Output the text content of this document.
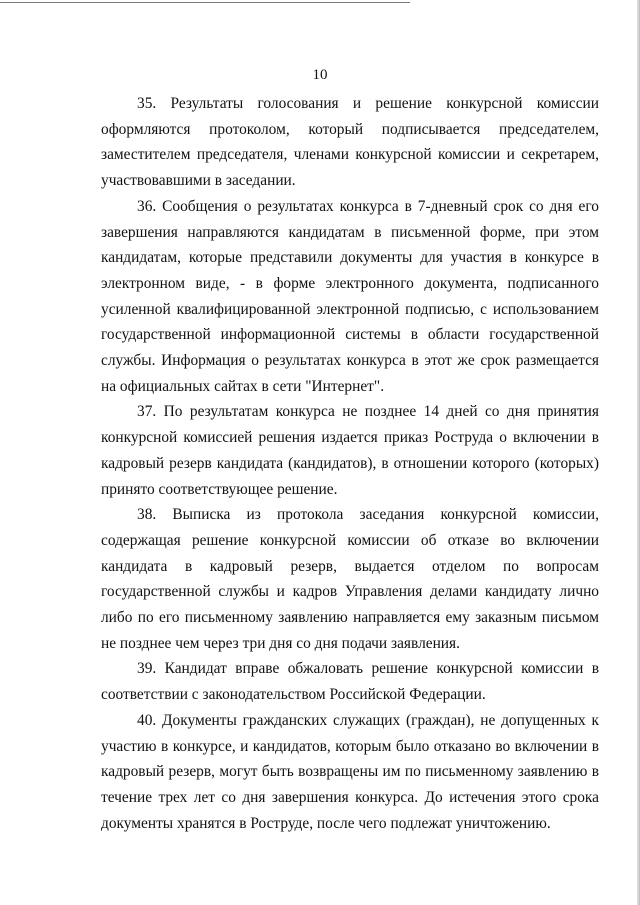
10

35. Результаты голосования и решение конкурсной комиссии оформляются протоколом, который подписывается председателем, заместителем председателя, членами конкурсной комиссии и секретарем, участвовавшими в заседании.

36. Сообщения о результатах конкурса в 7-дневный срок со дня его завершения направляются кандидатам в письменной форме, при этом кандидатам, которые представили документы для участия в конкурсе в электронном виде, - в форме электронного документа, подписанного усиленной квалифицированной электронной подписью, с использованием государственной информационной системы в области государственной службы. Информация о результатах конкурса в этот же срок размещается на официальных сайтах в сети "Интернет".

37. По результатам конкурса не позднее 14 дней со дня принятия конкурсной комиссией решения издается приказ Роструда о включении в кадровый резерв кандидата (кандидатов), в отношении которого (которых) принято соответствующее решение.

38. Выписка из протокола заседания конкурсной комиссии, содержащая решение конкурсной комиссии об отказе во включении кандидата в кадровый резерв, выдается отделом по вопросам государственной службы и кадров Управления делами кандидату лично либо по его письменному заявлению направляется ему заказным письмом не позднее чем через три дня со дня подачи заявления.

39. Кандидат вправе обжаловать решение конкурсной комиссии в соответствии с законодательством Российской Федерации.

40. Документы гражданских служащих (граждан), не допущенных к участию в конкурсе, и кандидатов, которым было отказано во включении в кадровый резерв, могут быть возвращены им по письменному заявлению в течение трех лет со дня завершения конкурса. До истечения этого срока документы хранятся в Роструде, после чего подлежат уничтожению.
